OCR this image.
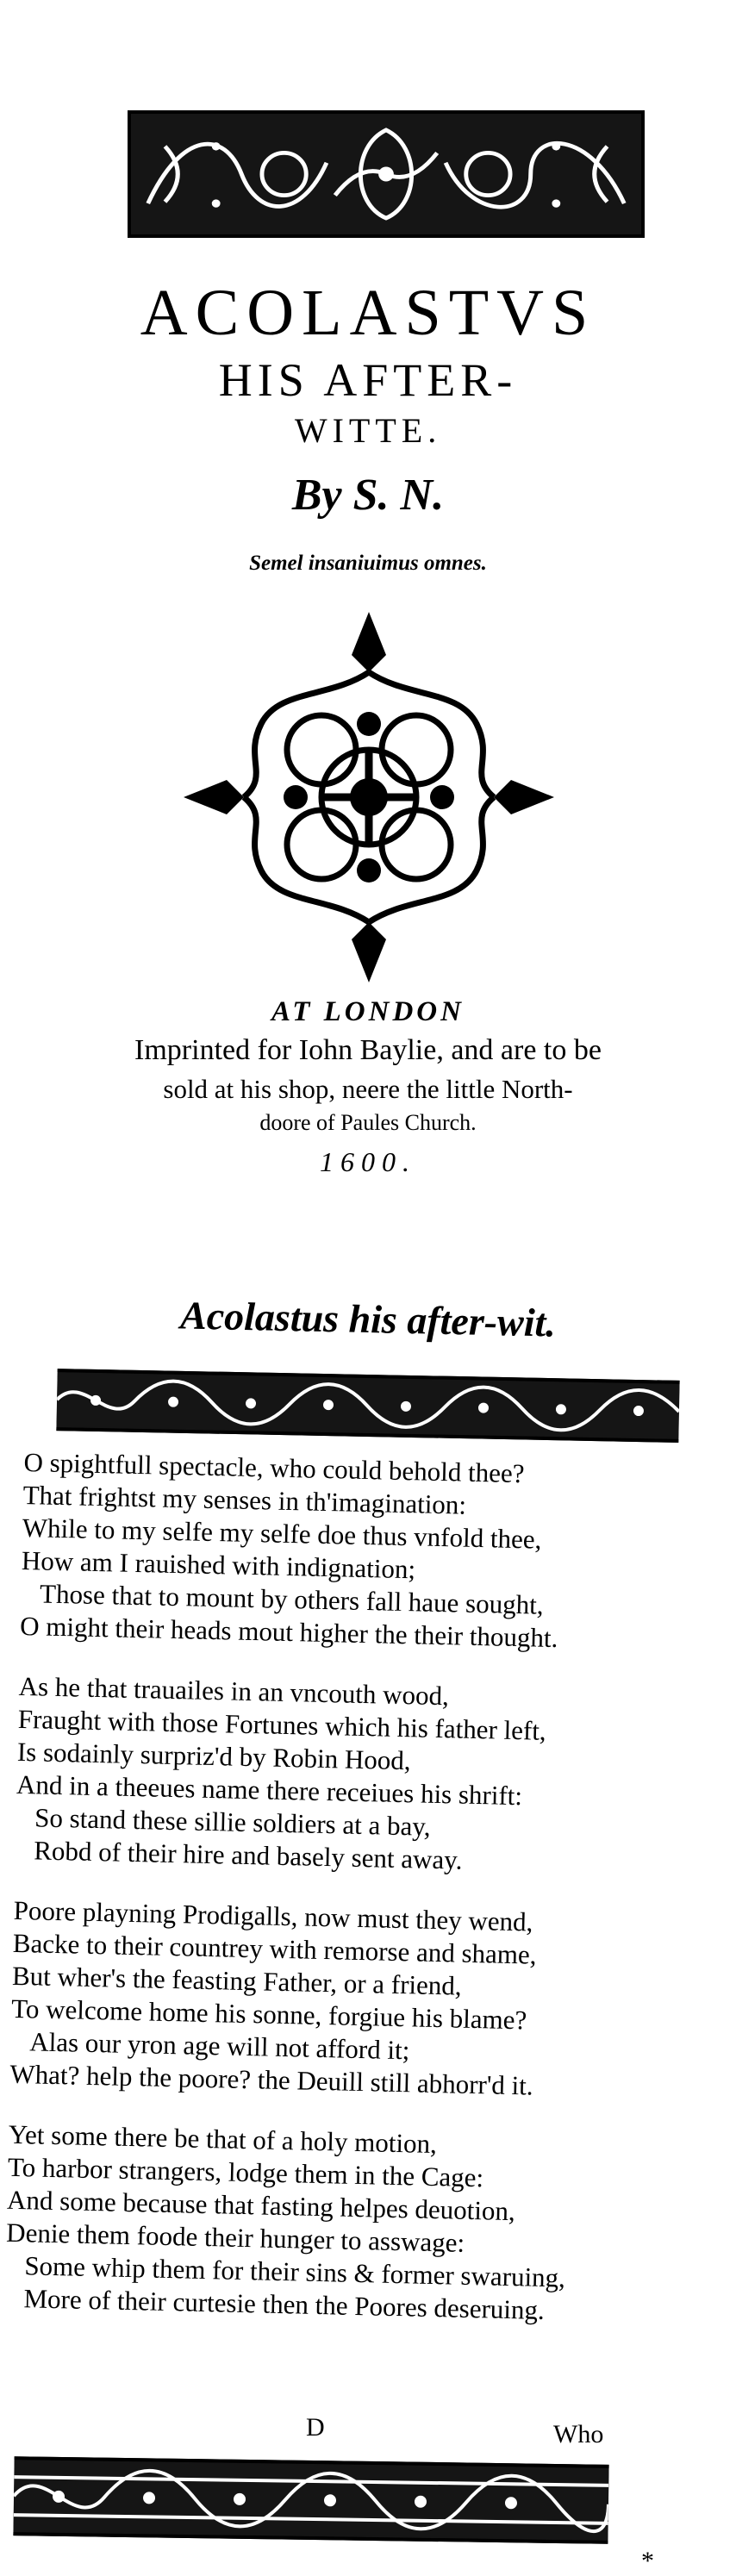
ACOLASTVS
HIS AFTER-
WITTE.
By S. N.
Semel insaniuimus omnes.
AT LONDON
Imprinted for Iohn Baylie, and are to be
sold at his shop, neere the little North-
doore of Paules Church.
1600.
Acolastus his after-wit.
O spightfull spectacle, who could behold thee?
That frightst my senses in th'imagination:
While to my selfe my selfe doe thus vnfold thee,
How am I rauished with indignation;
Those that to mount by others fall haue sought,
O might their heads mout higher the their thought.
As he that trauailes in an vncouth wood,
Fraught with those Fortunes which his father left,
Is sodainly surpriz'd by Robin Hood,
And in a theeues name there receiues his shrift:
So stand these sillie soldiers at a bay,
Robd of their hire and basely sent away.
Poore playning Prodigalls, now must they wend,
Backe to their countrey with remorse and shame,
But wher's the feasting Father, or a friend,
To welcome home his sonne, forgiue his blame?
Alas our yron age will not afford it;
What? help the poore? the Deuill still abhorr'd it.
Yet some there be that of a holy motion,
To harbor strangers, lodge them in the Cage:
And some because that fasting helpes deuotion,
Denie them foode their hunger to asswage:
Some whip them for their sins & former swaruing,
More of their curtesie then the Poores deseruing.
*
D	Who
